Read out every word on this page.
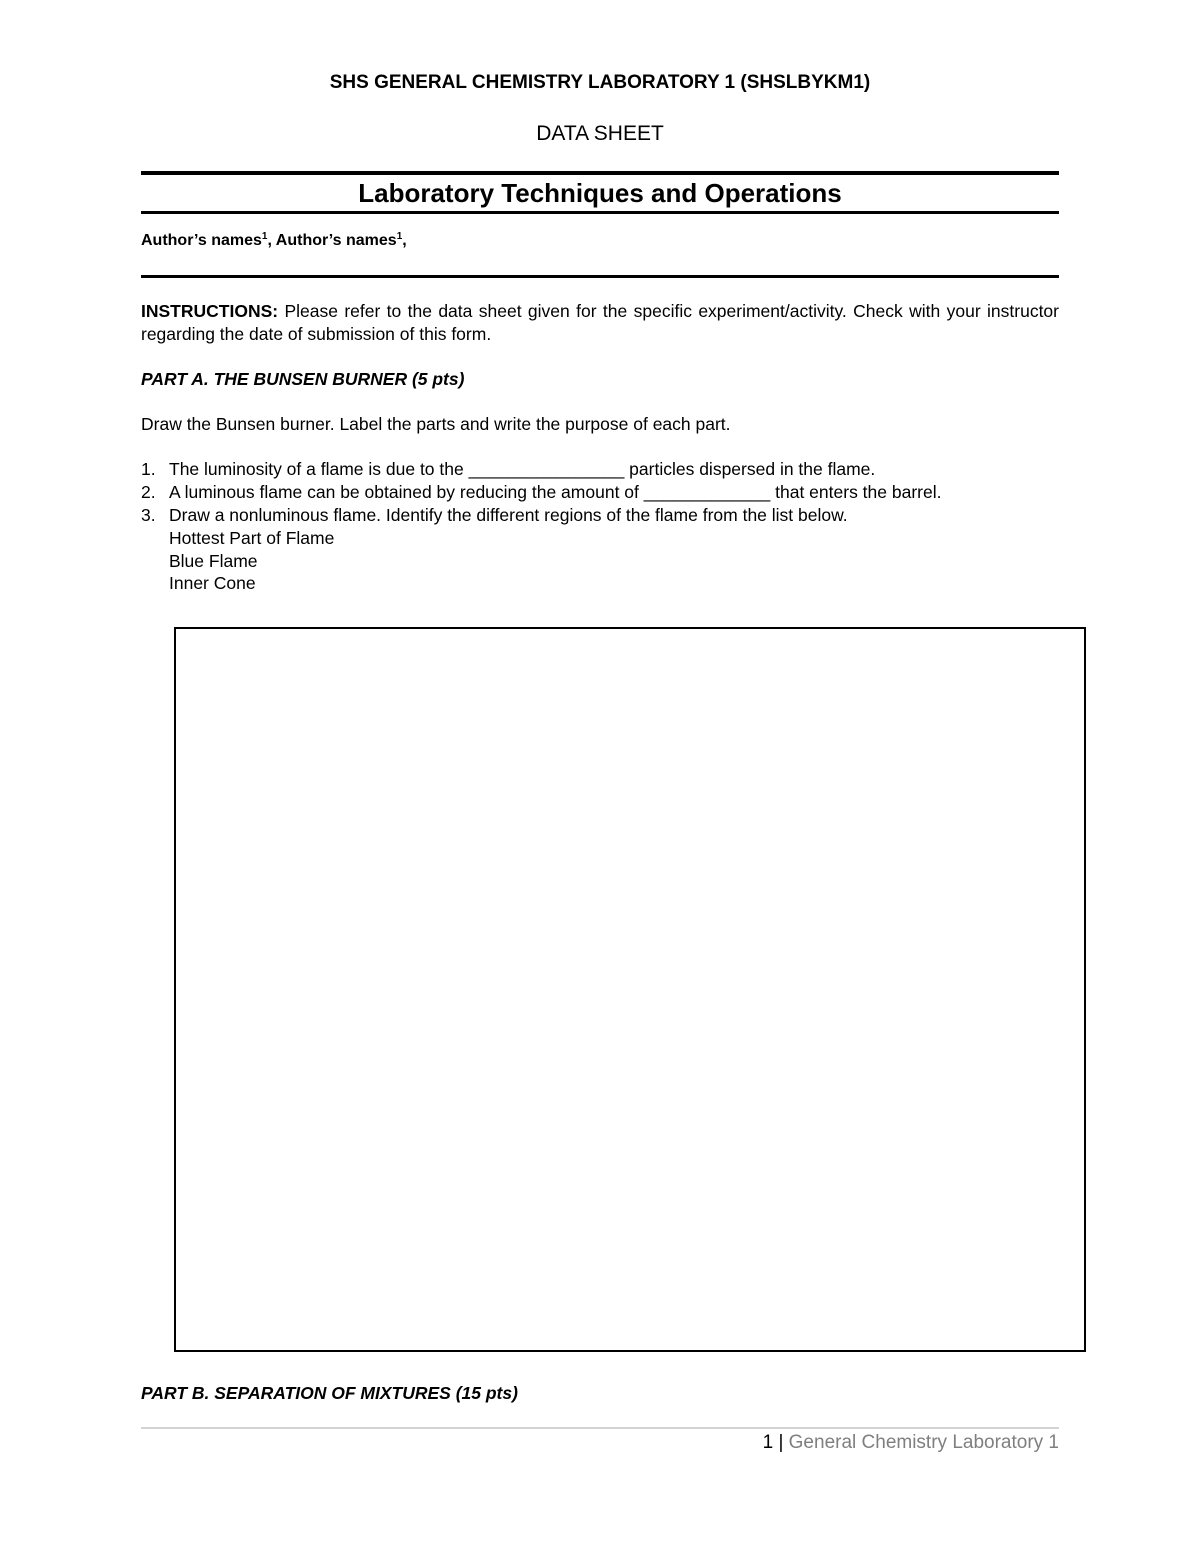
SHS GENERAL CHEMISTRY LABORATORY 1 (SHSLBYKM1)
DATA SHEET
Laboratory Techniques and Operations
Author’s names$^1$, Author’s names$^1$,
INSTRUCTIONS: Please refer to the data sheet given for the specific experiment/activity. Check with your instructor regarding the date of submission of this form.
PART A. THE BUNSEN BURNER (5 pts)
Draw the Bunsen burner. Label the parts and write the purpose of each part.
1. The luminosity of a flame is due to the ________________ particles dispersed in the flame.
2. A luminous flame can be obtained by reducing the amount of _____________ that enters the barrel.
3. Draw a nonluminous flame. Identify the different regions of the flame from the list below.
Hottest Part of Flame
Blue Flame
Inner Cone
PART B. SEPARATION OF MIXTURES (15 pts)
1 | General Chemistry Laboratory 1
